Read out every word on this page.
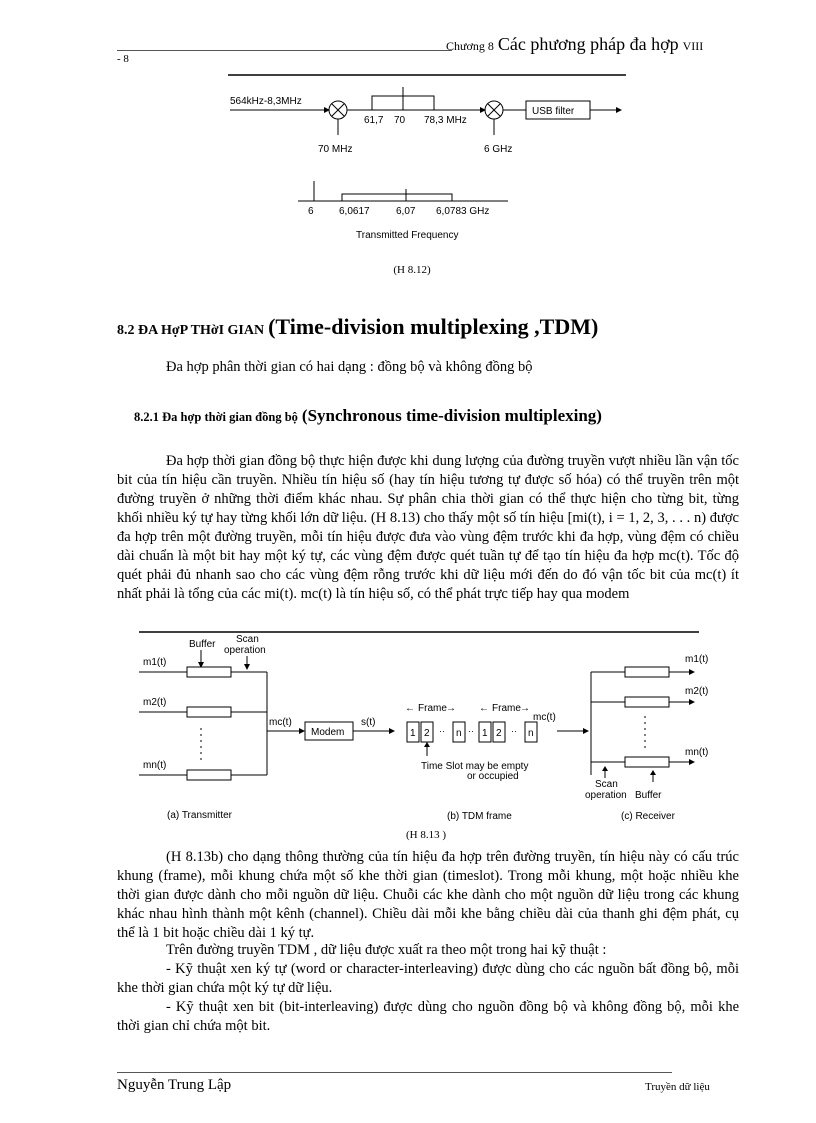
Chương 8 Các phương pháp đa hợp VIII
- 8
564kHz-8,3MHz
70 MHz
61,7 70 78,3 MHz
6 GHz
USB filter
6	6,0617	6,07 6,0783 GHz
Transmitted Frequency
(H 8.12)
8.2 ĐA HợP THờI GIAN (Time-division multiplexing ,TDM)
Đa hợp phân thời gian có hai dạng : đồng bộ và không đồng bộ
8.2.1 Đa hợp thời gian đồng bộ (Synchronous time-division multiplexing)
Đa hợp thời gian đồng bộ thực hiện được khi dung lượng của đường truyền vượt nhiều lần vận tốc bit của tín hiệu cần truyền. Nhiều tín hiệu số (hay tín hiệu tương tự được số hóa) có thể truyền trên một đường truyền ở những thời điểm khác nhau. Sự phân chia thời gian có thể thực hiện cho từng bit, từng khối nhiều ký tự hay từng khối lớn dữ liệu. (H 8.13) cho thấy một số tín hiệu [mi(t), i = 1, 2, 3, . . . n) được đa hợp trên một đường truyền, mỗi tín hiệu được đưa vào vùng đệm trước khi đa hợp, vùng đệm có chiều dài chuẩn là một bit hay một ký tự, các vùng đệm được quét tuần tự để tạo tín hiệu đa hợp mc(t). Tốc độ quét phải đủ nhanh sao cho các vùng đệm rỗng trước khi dữ liệu mới đến do đó vận tốc bit của mc(t) ít nhất phải là tổng của các mi(t). mc(t) là tín hiệu số, có thể phát trực tiếp hay qua modem
Buffer Scan
operation
m1(t)
m2(t)
mn(t)
mc(t)
Modem
s(t)
← Frame → ← Frame →
1 2 ·· n ·· 1 2 ·· n
Time Slot may be empty
or occupied
mc(t)
m1(t)
m2(t)
mn(t)
Scan
operation Buffer
(a) Transmitter	(b) TDM frame	(c) Receiver
(H 8.13 )
(H 8.13b) cho dạng thông thường của tín hiệu đa hợp trên đường truyền, tín hiệu này có cấu trúc khung (frame), mỗi khung chứa một số khe thời gian (timeslot). Trong mỗi khung, một hoặc nhiều khe thời gian được dành cho mỗi nguồn dữ liệu. Chuỗi các khe dành cho một nguồn dữ liệu trong các khung khác nhau hình thành một kênh (channel). Chiều dài mỗi khe bằng chiều dài của thanh ghi đệm phát, cụ thể là 1 bit hoặc chiều dài 1 ký tự.
Trên đường truyền TDM , dữ liệu được xuất ra theo một trong hai kỹ thuật :
- Kỹ thuật xen ký tự (word or character-interleaving) được dùng cho các nguồn bất đồng bộ, mỗi khe thời gian chứa một ký tự dữ liệu.
- Kỹ thuật xen bit (bit-interleaving) được dùng cho nguồn đồng bộ và không đồng bộ, mỗi khe thời gian chỉ chứa một bit.
Nguyễn Trung Lập	Truyền dữ liệu
